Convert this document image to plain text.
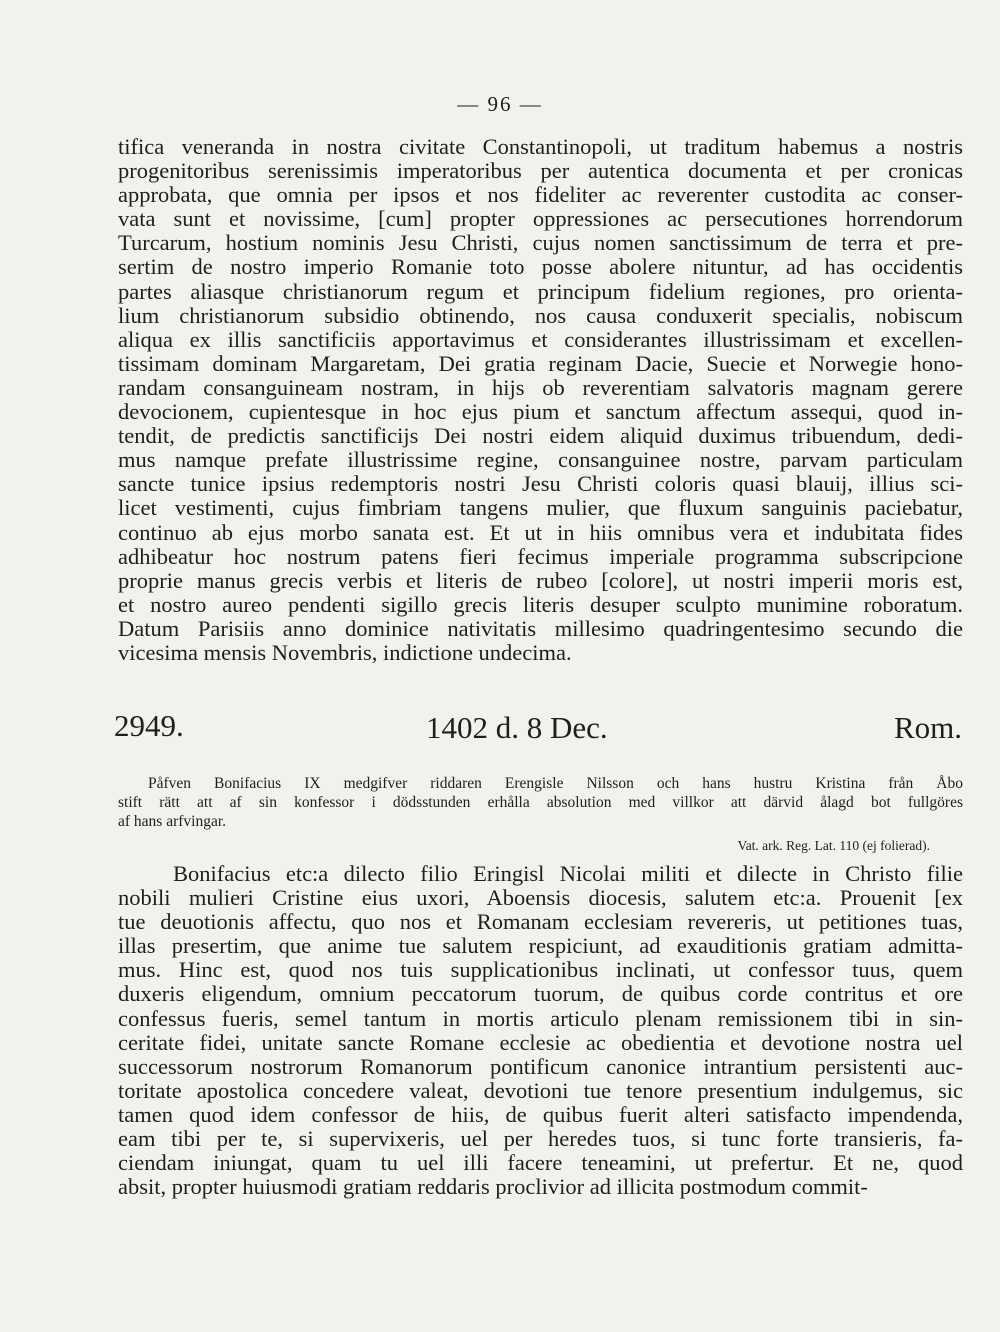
— 96 —
tifica veneranda in nostra civitate Constantinopoli, ut traditum habemus a nostris
progenitoribus serenissimis imperatoribus per autentica documenta et per cronicas
approbata, que omnia per ipsos et nos fideliter ac reverenter custodita ac conser-
vata sunt et novissime, [cum] propter oppressiones ac persecutiones horrendorum
Turcarum, hostium nominis Jesu Christi, cujus nomen sanctissimum de terra et pre-
sertim de nostro imperio Romanie toto posse abolere nituntur, ad has occidentis
partes aliasque christianorum regum et principum fidelium regiones, pro orienta-
lium christianorum subsidio obtinendo, nos causa conduxerit specialis, nobiscum
aliqua ex illis sanctificiis apportavimus et considerantes illustrissimam et excellen-
tissimam dominam Margaretam, Dei gratia reginam Dacie, Suecie et Norwegie hono-
randam consanguineam nostram, in hijs ob reverentiam salvatoris magnam gerere
devocionem, cupientesque in hoc ejus pium et sanctum affectum assequi, quod in-
tendit, de predictis sanctificijs Dei nostri eidem aliquid duximus tribuendum, dedi-
mus namque prefate illustrissime regine, consanguinee nostre, parvam particulam
sancte tunice ipsius redemptoris nostri Jesu Christi coloris quasi blauij, illius sci-
licet vestimenti, cujus fimbriam tangens mulier, que fluxum sanguinis paciebatur,
continuo ab ejus morbo sanata est. Et ut in hiis omnibus vera et indubitata fides
adhibeatur hoc nostrum patens fieri fecimus imperiale programma subscripcione
proprie manus grecis verbis et literis de rubeo [colore], ut nostri imperii moris est,
et nostro aureo pendenti sigillo grecis literis desuper sculpto munimine roboratum.
Datum Parisiis anno dominice nativitatis millesimo quadringentesimo secundo die
vicesima mensis Novembris, indictione undecima.
2949.	1402 d. 8 Dec.	Rom.
Påfven Bonifacius IX medgifver riddaren Erengisle Nilsson och hans hustru Kristina från Åbo
stift rätt att af sin konfessor i dödsstunden erhålla absolution med villkor att därvid ålagd bot fullgöres
af hans arfvingar.
Vat. ark. Reg. Lat. 110 (ej folierad).
Bonifacius etc:a dilecto filio Eringisl Nicolai militi et dilecte in Christo filie
nobili mulieri Cristine eius uxori, Aboensis diocesis, salutem etc:a. Prouenit [ex
tue deuotionis affectu, quo nos et Romanam ecclesiam revereris, ut petitiones tuas,
illas presertim, que anime tue salutem respiciunt, ad exauditionis gratiam admitta-
mus. Hinc est, quod nos tuis supplicationibus inclinati, ut confessor tuus, quem
duxeris eligendum, omnium peccatorum tuorum, de quibus corde contritus et ore
confessus fueris, semel tantum in mortis articulo plenam remissionem tibi in sin-
ceritate fidei, unitate sancte Romane ecclesie ac obedientia et devotione nostra uel
successorum nostrorum Romanorum pontificum canonice intrantium persistenti auc-
toritate apostolica concedere valeat, devotioni tue tenore presentium indulgemus, sic
tamen quod idem confessor de hiis, de quibus fuerit alteri satisfacto impendenda,
eam tibi per te, si supervixeris, uel per heredes tuos, si tunc forte transieris, fa-
ciendam iniungat, quam tu uel illi facere teneamini, ut prefertur. Et ne, quod
absit, propter huiusmodi gratiam reddaris proclivior ad illicita postmodum commit-
